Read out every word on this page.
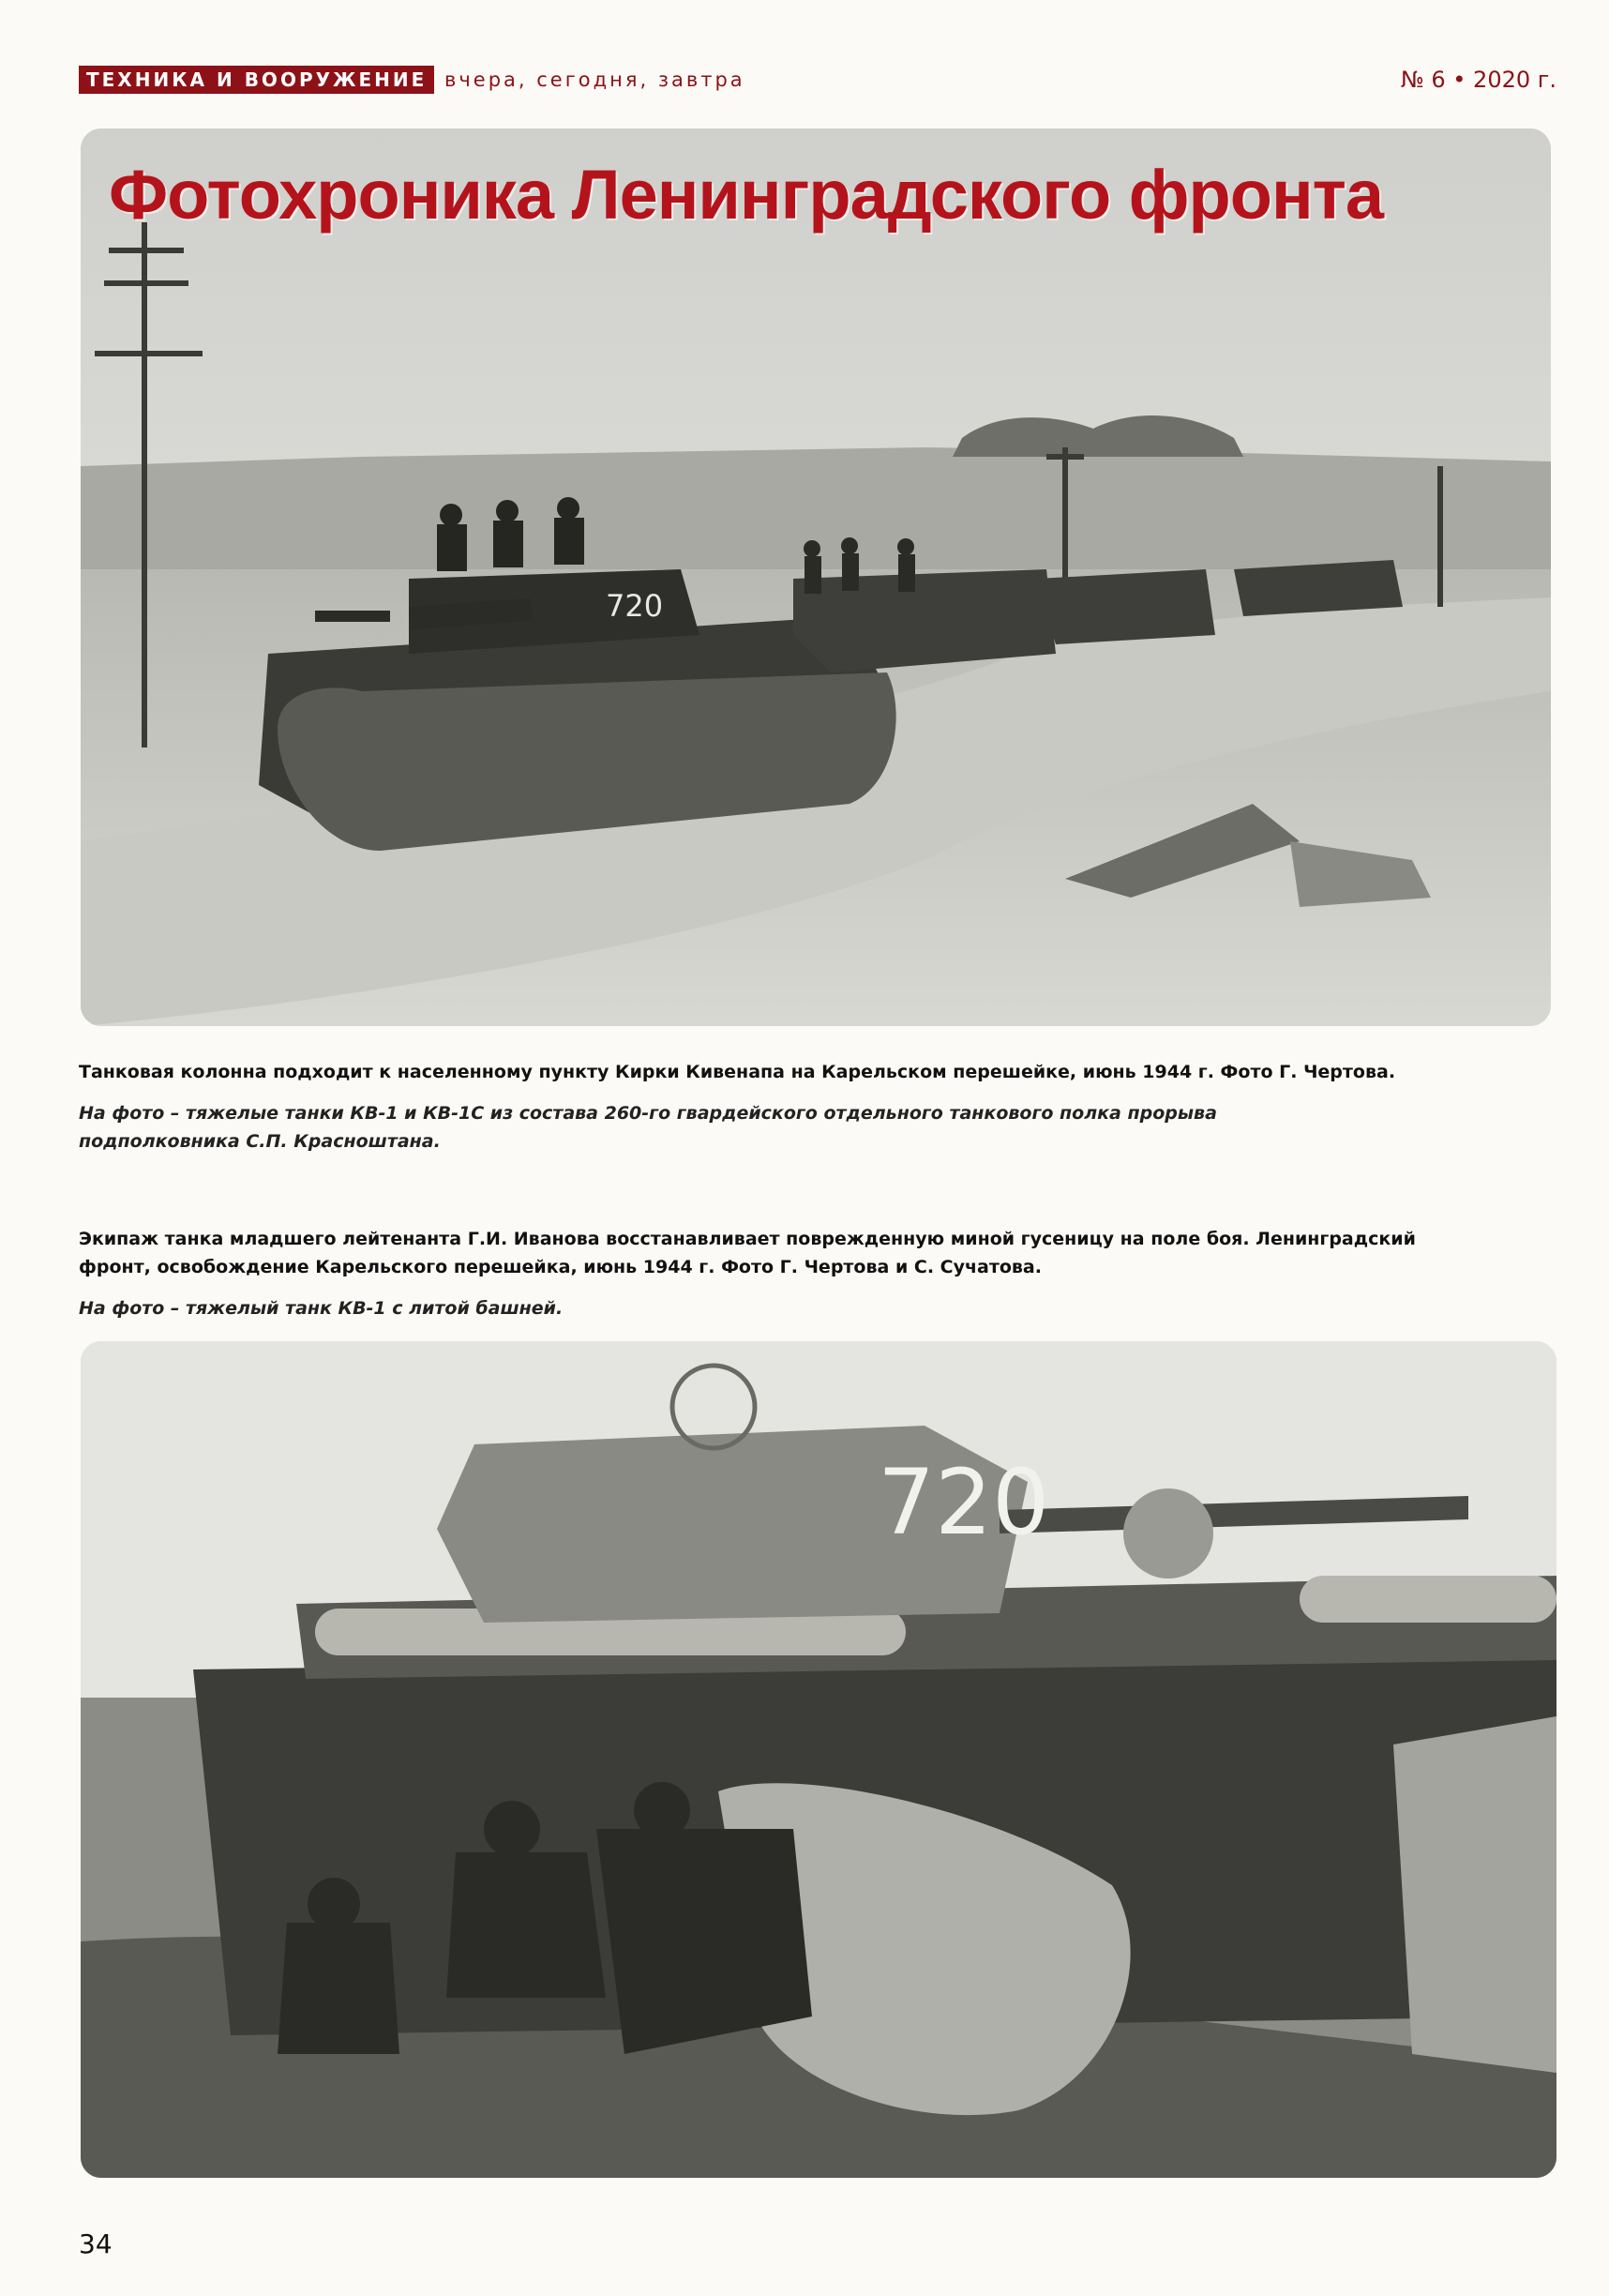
ТЕХНИКА И ВООРУЖЕНИЕ вчера, сегодня, завтра	№ 6 • 2020 г.
720
Фотохроника Ленинградского фронта
Танковая колонна подходит к населенному пункту Кирки Кивенапа на Карельском перешейке, июнь 1944 г. Фото Г. Чертова.
На фото – тяжелые танки КВ-1 и КВ-1С из состава 260-го гвардейского отдельного танкового полка прорыва подполковника С.П. Красноштана.
Экипаж танка младшего лейтенанта Г.И. Иванова восстанавливает поврежденную миной гусеницу на поле боя. Ленинградский фронт, освобождение Карельского перешейка, июнь 1944 г. Фото Г. Чертова и С. Сучатова.
На фото – тяжелый танк КВ-1 с литой башней.
720
34
